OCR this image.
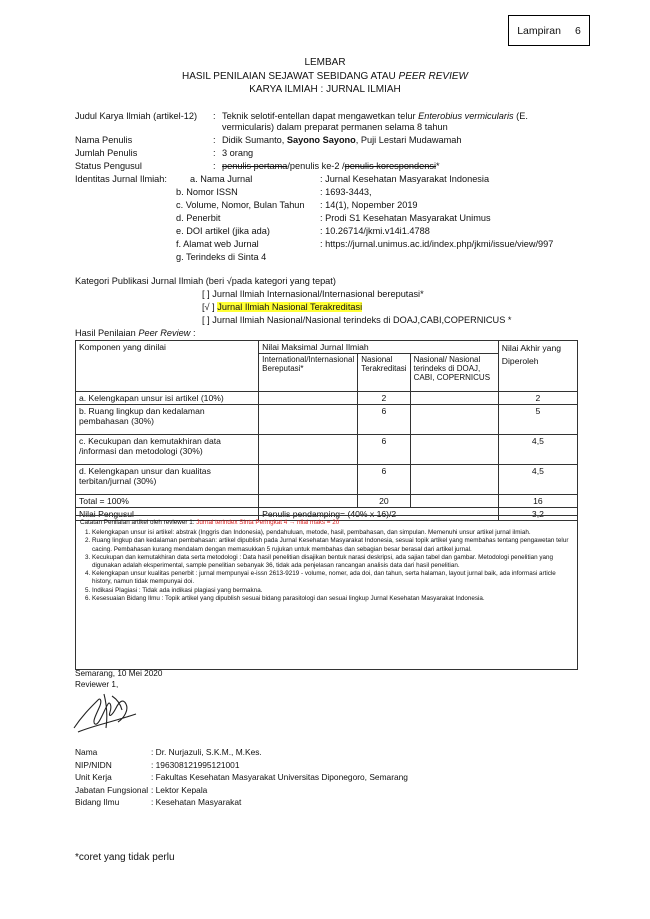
Lampiran 6
LEMBAR
HASIL PENILAIAN SEJAWAT SEBIDANG ATAU PEER REVIEW
KARYA ILMIAH : JURNAL ILMIAH
Judul Karya Ilmiah (artikel-12) : Teknik selotif-entellan dapat mengawetkan telur Enterobius vermicularis (E.
vermicularis) dalam preparat permanen selama 8 tahun
Nama Penulis	: Didik Sumanto, Sayono Sayono, Puji Lestari Mudawamah
Jumlah Penulis	: 3 orang
Status Pengusul	: penulis pertama/penulis ke-2 /penulis korespondensi*
Identitas Jurnal Ilmiah:	a. Nama Jurnal	: Jurnal Kesehatan Masyarakat Indonesia
b. Nomor ISSN	: 1693-3443,
c. Volume, Nomor, Bulan Tahun : 14(1), Nopember 2019
d. Penerbit	: Prodi S1 Kesehatan Masyarakat Unimus
e. DOI artikel (jika ada)	: 10.26714/jkmi.v14i1.4788
f. Alamat web Jurnal	: https://jurnal.unimus.ac.id/index.php/jkmi/issue/view/997
g. Terindeks di Sinta 4
Kategori Publikasi Jurnal Ilmiah (beri √pada kategori yang tepat)
[ ] Jurnal Ilmiah Internasional/Internasional bereputasi*
[√ ] Jurnal Ilmiah Nasional Terakreditasi
[ ] Jurnal Ilmiah Nasional/Nasional terindeks di DOAJ,CABI,COPERNICUS *
Hasil Penilaian Peer Review :
Komponen yang dinilai	Nilai Maksimal Jurnal Ilmiah			Nilai Akhir yang Diperoleh
	International/Internasional Bereputasi*	Nasional Terakreditasi	Nasional/ Nasional terindeks di DOAJ, CABI, COPERNICUS	
a. Kelengkapan unsur isi artikel (10%)		2		2
b. Ruang lingkup dan kedalaman pembahasan (30%)		6		5
c. Kecukupan dan kemutakhiran data /informasi dan metodologi (30%)		6		4,5
d. Kelengkapan unsur dan kualitas terbitan/jurnal (30%)		6		4,5
Total = 100%		20		16
Nilai Pengusul	Penulis pendamping= (40% x 16)/2			3,2
Catatan Penilaian artikel oleh reviewer 1: Jurnal terindex Sinta Peringkat 4 → nilai maks = 20
1. Kelengkapan unsur isi artikel: abstrak (Inggris dan Indonesia), pendahuluan, metode, hasil, pembahasan, dan simpulan. Memenuhi unsur artikel jurnal ilmiah.
2. Ruang lingkup dan kedalaman pembahasan: artikel dipublish pada Jurnal Kesehatan Masyarakat Indonesia, sesuai topik artikel yang membahas tentang pengawetan telur cacing. Pembahasan kurang mendalam dengan memasukkan 5 rujukan untuk membahas dan sebagian besar berasal dari artikel jurnal.
3. Kecukupan dan kemutakhiran data serta metodologi : Data hasil penelitian disajikan bentuk narasi deskripsi, ada sajian tabel dan gambar. Metodologi penelitian yang digunakan adalah eksperimental, sample penelitian sebanyak 36, tidak ada penjelasan rancangan analisis data dari hasil penelitian.
4. Kelengkapan unsur kualitas penerbit : jurnal mempunyai e-issn 2613-9219 - volume, nomer, ada doi, dan tahun, serta halaman, layout jurnal baik, ada informasi article history, namun tidak mempunyai doi.
5. Indikasi Plagiasi : Tidak ada indikasi plagiasi yang bermakna.
6. Kesesuaian Bidang Ilmu : Topik artikel yang dipublish sesuai bidang parasitologi dan sesuai lingkup Jurnal Kesehatan Masyarakat Indonesia.
Semarang, 10 Mei 2020
Reviewer 1,
Nama	: Dr. Nurjazuli, S.K.M., M.Kes.
NIP/NIDN	: 196308121995121001
Unit Kerja	: Fakultas Kesehatan Masyarakat Universitas Diponegoro, Semarang
Jabatan Fungsional : Lektor Kepala
Bidang Ilmu	: Kesehatan Masyarakat
*coret yang tidak perlu
